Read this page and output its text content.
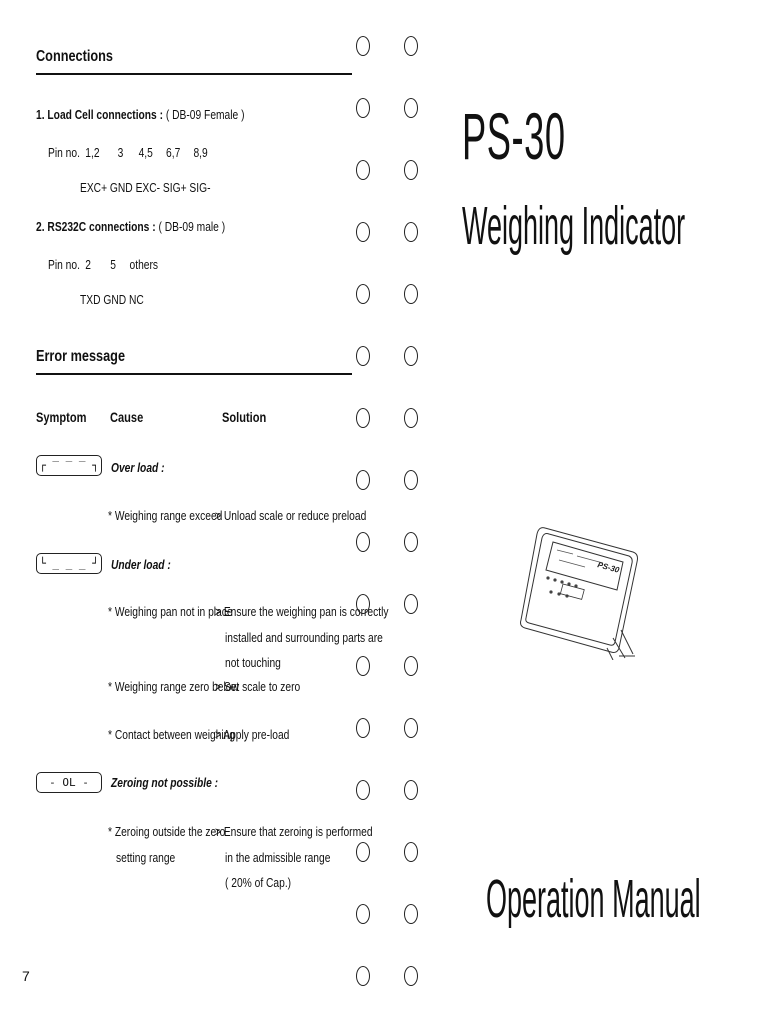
Connections
1. Load Cell connections : ( DB-09 Female )
Pin no. 1,2 3 4,5 6,7 8,9
EXC+ GND EXC- SIG+ SIG-
2. RS232C connections : ( DB-09 male )
Pin no. 2 5 others
TXD GND NC
Error message
Symptom	Cause	Solution
┌ ‾ ‾ ‾ ┐ Over load :
* Weighing range exceed
> Unload scale or reduce preload
└ _ _ _ ┘ Under load :
* Weighing pan not in place
> Ensure the weighing pan is correctly
installed and surrounding parts are
not touching
* Weighing range zero below
> Set scale to zero
* Contact between weighing
> Apply pre-load
- OL -	Zeroing not possible :
* Zeroing outside the zero
setting range
> Ensure that zeroing is performed
in the admissible range
( 20% of Cap.)
7
PS-30
Weighing Indicator
PS-30
Operation Manual
